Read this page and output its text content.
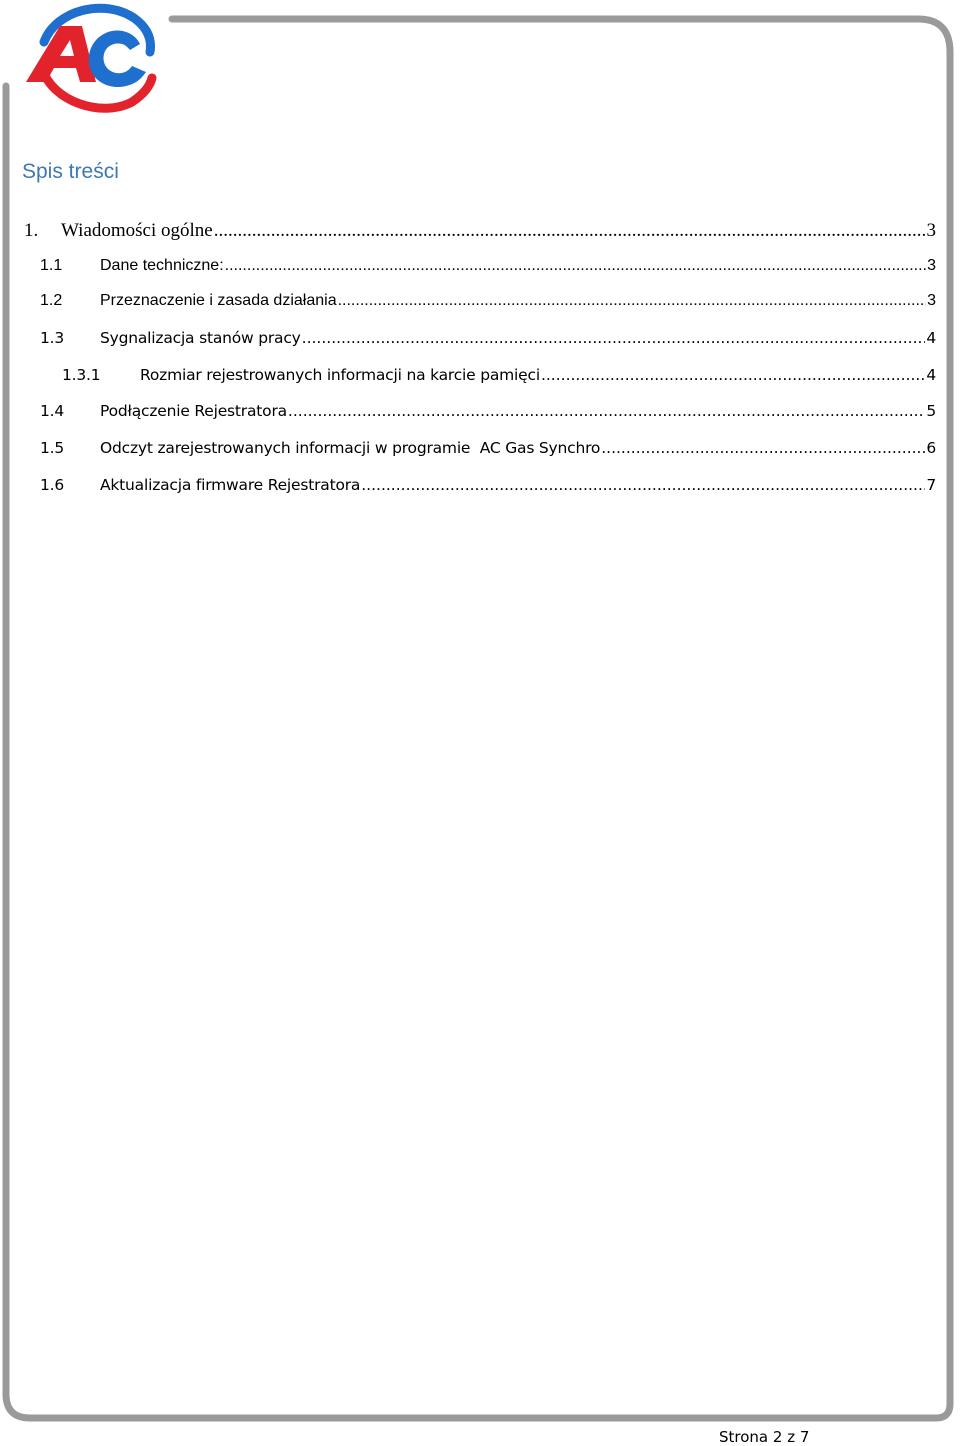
Spis treści
1.	Wiadomości ogólne .....	3
1.1	Dane techniczne: .....	3
1.2	Przeznaczenie i zasada działania .....	3
1.3	Sygnalizacja stanów pracy .....	4
1.3.1	Rozmiar rejestrowanych informacji na karcie pamięci .....	4
1.4	Podłączenie Rejestratora .....	5
1.5	Odczyt zarejestrowanych informacji w programie  AC Gas Synchro .....	6
1.6	Aktualizacja firmware Rejestratora .....	7
Strona 2 z 7
